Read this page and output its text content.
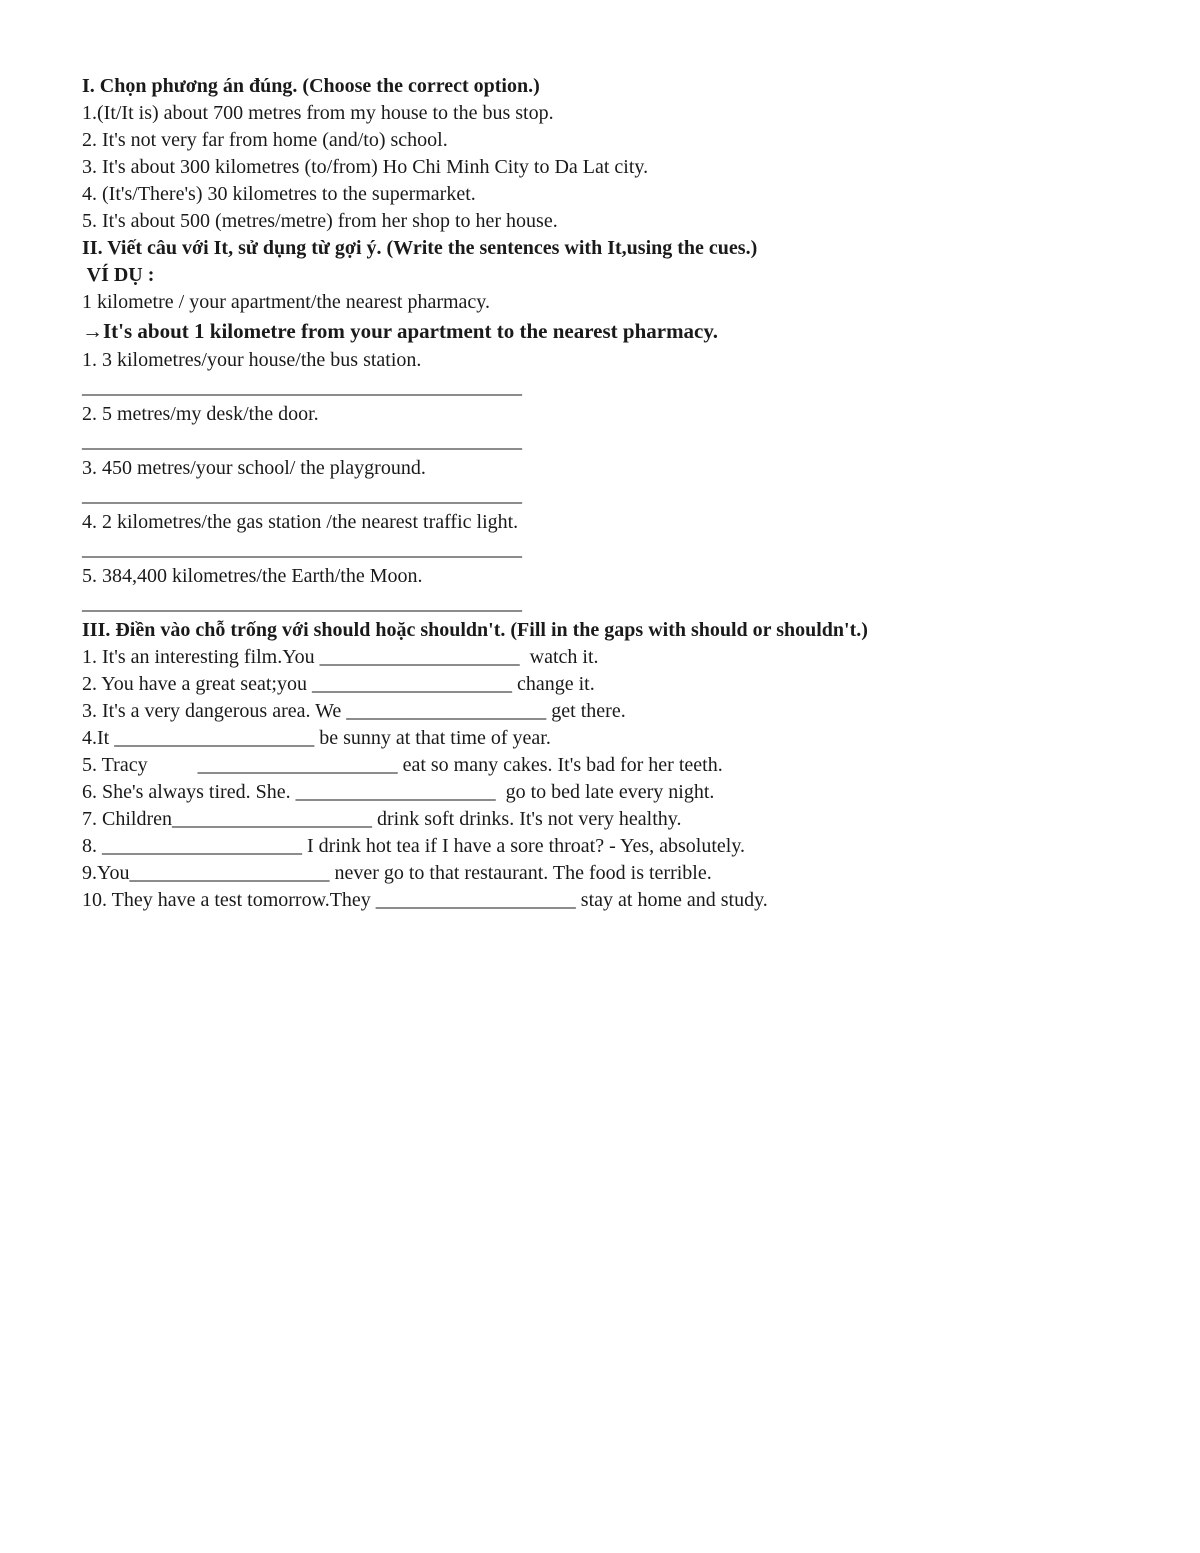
I. Chọn phương án đúng. (Choose the correct option.)
1.(It/It is) about 700 metres from my house to the bus stop.
2. It's not very far from home (and/to) school.
3. It's about 300 kilometres (to/from) Ho Chi Minh City to Da Lat city.
4. (It's/There's) 30 kilometres to the supermarket.
5. It's about 500 (metres/metre) from her shop to her house.
II. Viết câu với It, sử dụng từ gợi ý. (Write the sentences with It,using the cues.)
VÍ DỤ :
1 kilometre / your apartment/the nearest pharmacy.
→It's about 1 kilometre from your apartment to the nearest pharmacy.
1. 3 kilometres/your house/the bus station.
____________________________________________
2. 5 metres/my desk/the door.
____________________________________________
3. 450 metres/your school/ the playground.
____________________________________________
4. 2 kilometres/the gas station /the nearest traffic light.
____________________________________________
5. 384,400 kilometres/the Earth/the Moon.
____________________________________________
III. Điền vào chỗ trống với should hoặc shouldn't. (Fill in the gaps with should or shouldn't.)
1. It's an interesting film.You ____________________  watch it.
2. You have a great seat;you ____________________ change it.
3. It's a very dangerous area. We ____________________ get there.
4.It ____________________ be sunny at that time of year.
5. Tracy          ____________________ eat so many cakes. It's bad for her teeth.
6. She's always tired. She. ____________________  go to bed late every night.
7. Children____________________ drink soft drinks. It's not very healthy.
8. ____________________ I drink hot tea if I have a sore throat? - Yes, absolutely.
9.You____________________ never go to that restaurant. The food is terrible.
10. They have a test tomorrow.They ____________________ stay at home and study.
